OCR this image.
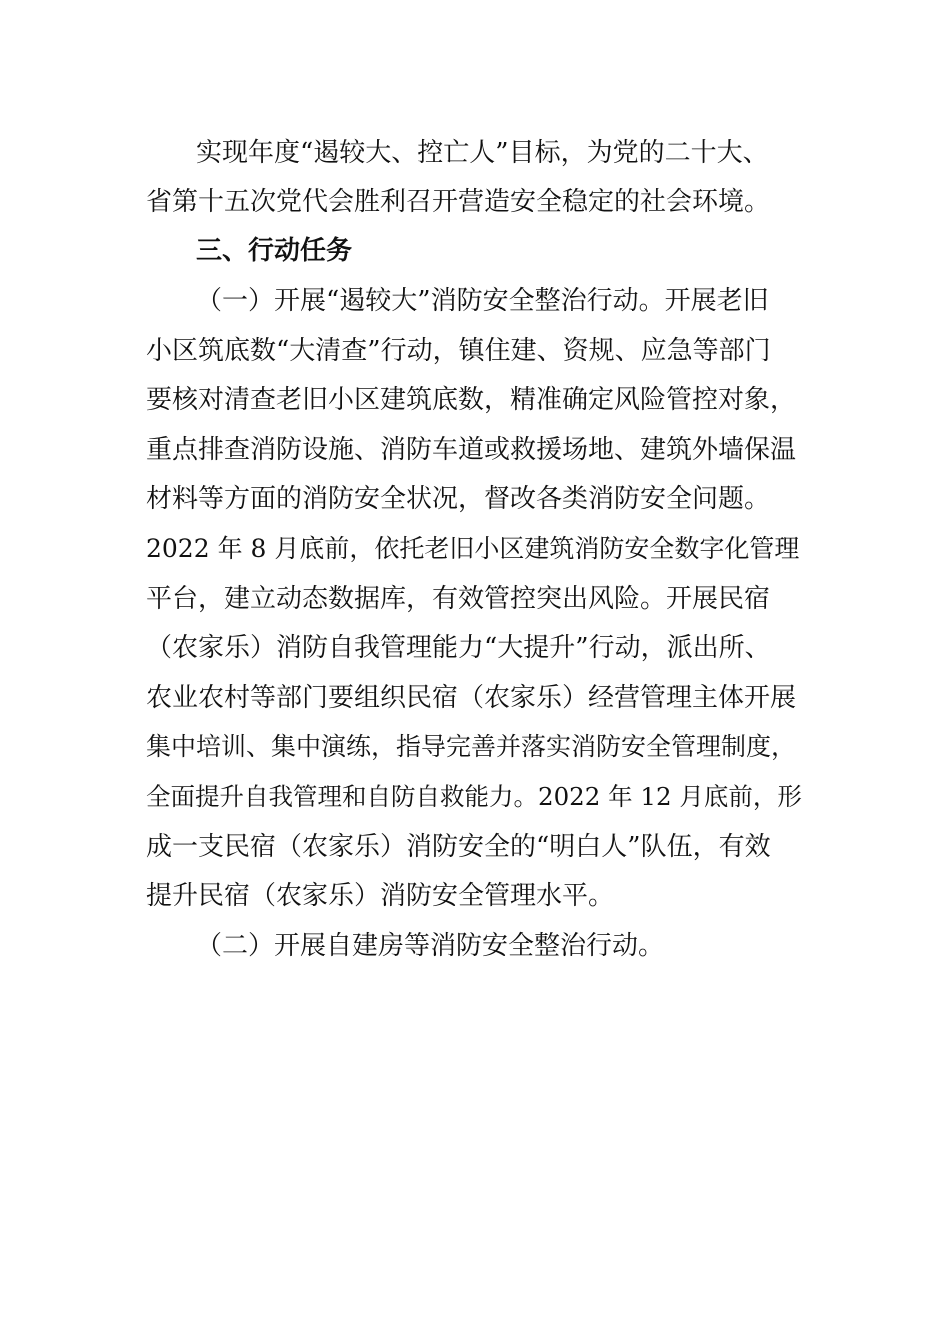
实现年度“遏较大、控亡人”目标，为党的二十大、
省第十五次党代会胜利召开营造安全稳定的社会环境。
三、行动任务
（一）开展“遏较大”消防安全整治行动。开展老旧
小区筑底数“大清查”行动，镇住建、资规、应急等部门
要核对清查老旧小区建筑底数，精准确定风险管控对象，
重点排查消防设施、消防车道或救援场地、建筑外墙保温
材料等方面的消防安全状况，督改各类消防安全问题。
2022 年 8 月底前，依托老旧小区建筑消防安全数字化管理
平台，建立动态数据库，有效管控突出风险。开展民宿
（农家乐）消防自我管理能力“大提升”行动，派出所、
农业农村等部门要组织民宿（农家乐）经营管理主体开展
集中培训、集中演练，指导完善并落实消防安全管理制度，
全面提升自我管理和自防自救能力。2022 年 12 月底前，形
成一支民宿（农家乐）消防安全的“明白人”队伍，有效
提升民宿（农家乐）消防安全管理水平。
（二）开展自建房等消防安全整治行动。
